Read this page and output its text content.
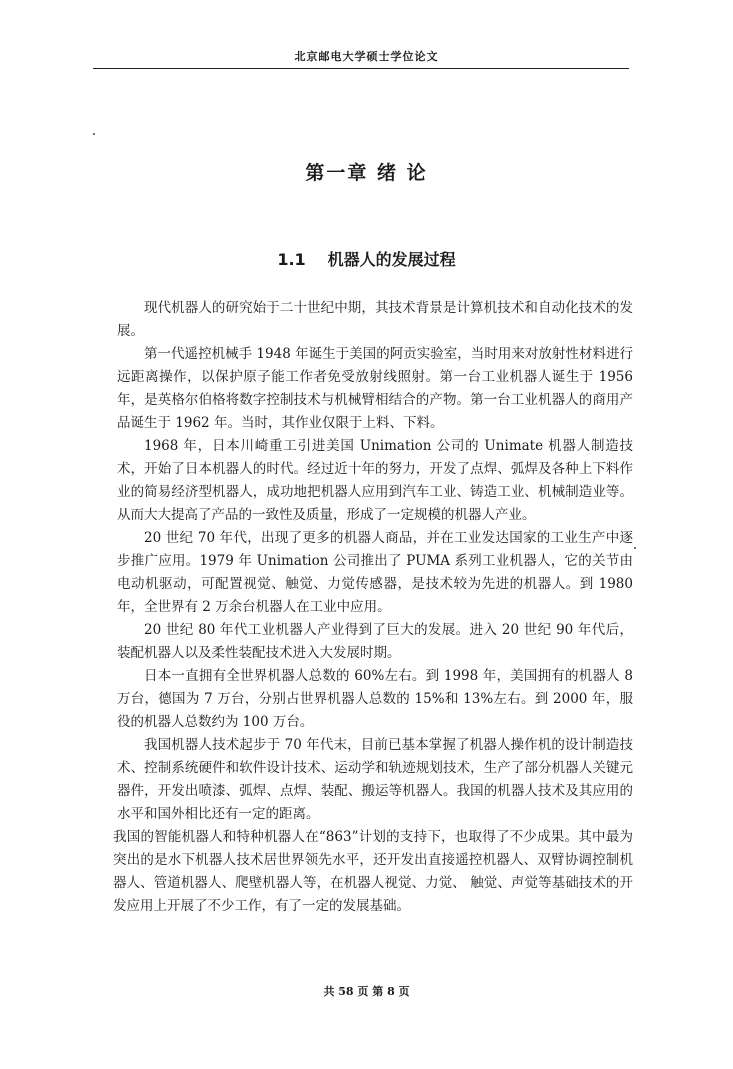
北京邮电大学硕士学位论文
第一章 绪 论
1.1 机器人的发展过程

现代机器人的研究始于二十世纪中期，其技术背景是计算机技术和自动化技术的发展。

第一代遥控机械手 1948 年诞生于美国的阿贡实验室，当时用来对放射性材料进行远距离操作，以保护原子能工作者免受放射线照射。第一台工业机器人诞生于 1956 年，是英格尔伯格将数字控制技术与机械臂相结合的产物。第一台工业机器人的商用产品诞生于 1962 年。当时，其作业仅限于上料、下料。

1968 年，日本川崎重工引进美国 Unimation 公司的 Unimate 机器人制造技术，开始了日本机器人的时代。经过近十年的努力，开发了点焊、弧焊及各种上下料作业的简易经济型机器人，成功地把机器人应用到汽车工业、铸造工业、机械制造业等。从而大大提高了产品的一致性及质量，形成了一定规模的机器人产业。

20 世纪 70 年代，出现了更多的机器人商品，并在工业发达国家的工业生产中逐步推广应用。1979 年 Unimation 公司推出了 PUMA 系列工业机器人，它的关节由电动机驱动，可配置视觉、触觉、力觉传感器，是技术较为先进的机器人。到 1980 年，全世界有 2 万余台机器人在工业中应用。

20 世纪 80 年代工业机器人产业得到了巨大的发展。进入 20 世纪 90 年代后，装配机器人以及柔性装配技术进入大发展时期。

日本一直拥有全世界机器人总数的 60%左右。到 1998 年，美国拥有的机器人 8 万台，德国为 7 万台，分别占世界机器人总数的 15%和 13%左右。到 2000 年，服役的机器人总数约为 100 万台。

我国机器人技术起步于 70 年代末，目前已基本掌握了机器人操作机的设计制造技术、控制系统硬件和软件设计技术、运动学和轨迹规划技术，生产了部分机器人关键元器件，开发出喷漆、弧焊、点焊、装配、搬运等机器人。我国的机器人技术及其应用的水平和国外相比还有一定的距离。

我国的智能机器人和特种机器人在“863”计划的支持下，也取得了不少成果。其中最为突出的是水下机器人技术居世界领先水平，还开发出直接遥控机器人、双臂协调控制机器人、管道机器人、爬壁机器人等，在机器人视觉、力觉、 触觉、声觉等基础技术的开发应用上开展了不少工作，有了一定的发展基础。

共 58 页 第 8 页
